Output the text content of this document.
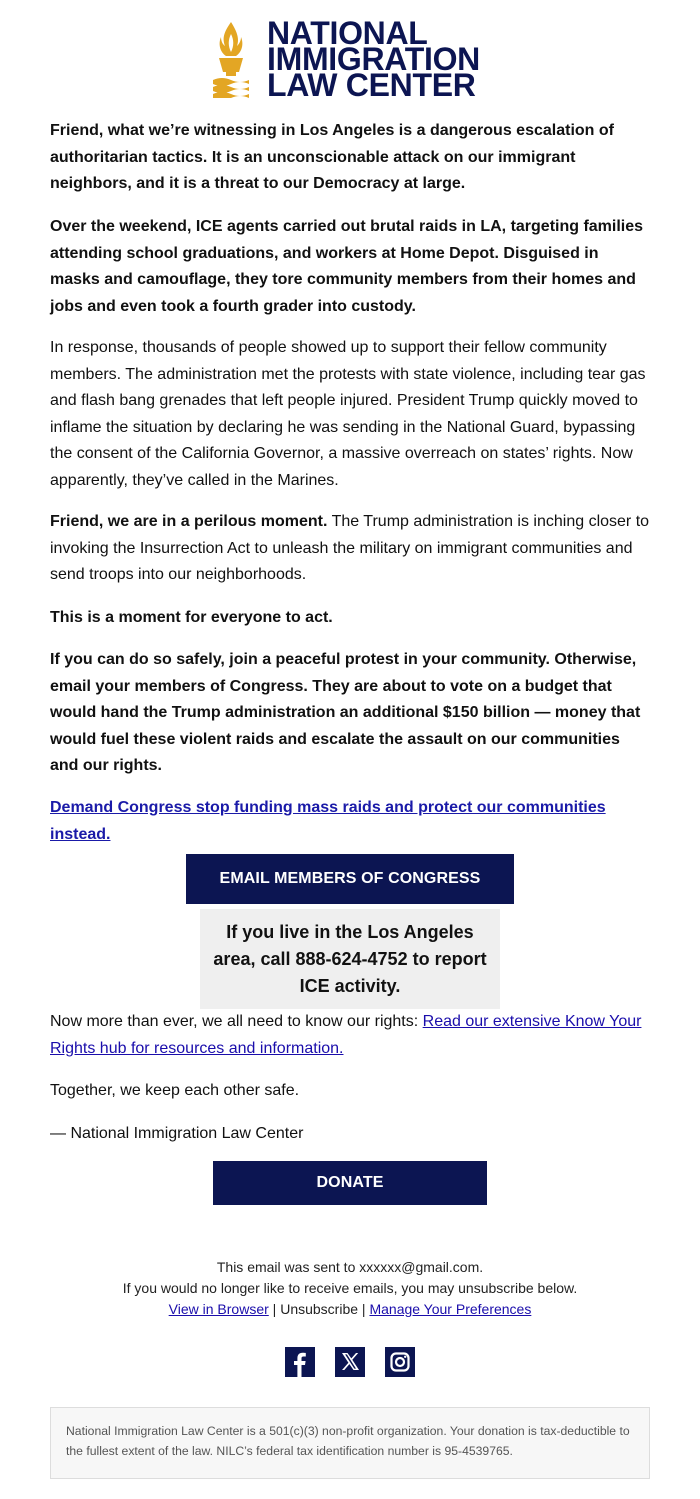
NATIONAL
IMMIGRATION
LAW CENTER

Friend, what we’re witnessing in Los Angeles is a dangerous escalation of authoritarian tactics. It is an unconscionable attack on our immigrant neighbors, and it is a threat to our Democracy at large.

Over the weekend, ICE agents carried out brutal raids in LA, targeting families attending school graduations, and workers at Home Depot. Disguised in masks and camouflage, they tore community members from their homes and jobs and even took a fourth grader into custody.

In response, thousands of people showed up to support their fellow community members. The administration met the protests with state violence, including tear gas and flash bang grenades that left people injured. President Trump quickly moved to inflame the situation by declaring he was sending in the National Guard, bypassing the consent of the California Governor, a massive overreach on states’ rights. Now apparently, they’ve called in the Marines.

Friend, we are in a perilous moment. The Trump administration is inching closer to invoking the Insurrection Act to unleash the military on immigrant communities and send troops into our neighborhoods.

This is a moment for everyone to act.

If you can do so safely, join a peaceful protest in your community. Otherwise, email your members of Congress. They are about to vote on a budget that would hand the Trump administration an additional $150 billion — money that would fuel these violent raids and escalate the assault on our communities and our rights.

Demand Congress stop funding mass raids and protect our communities instead.

EMAIL MEMBERS OF CONGRESS

If you live in the Los Angeles area, call 888-624-4752 to report ICE activity.

Now more than ever, we all need to know our rights: Read our extensive Know Your Rights hub for resources and information.

Together, we keep each other safe.

— National Immigration Law Center

DONATE
This email was sent to xxxxxx@gmail.com.
If you would no longer like to receive emails, you may unsubscribe below.
View in Browser | Unsubscribe | Manage Your Preferences
National Immigration Law Center is a 501(c)(3) non-profit organization. Your donation is tax-deductible to the fullest extent of the law. NILC’s federal tax identification number is 95-4539765.
